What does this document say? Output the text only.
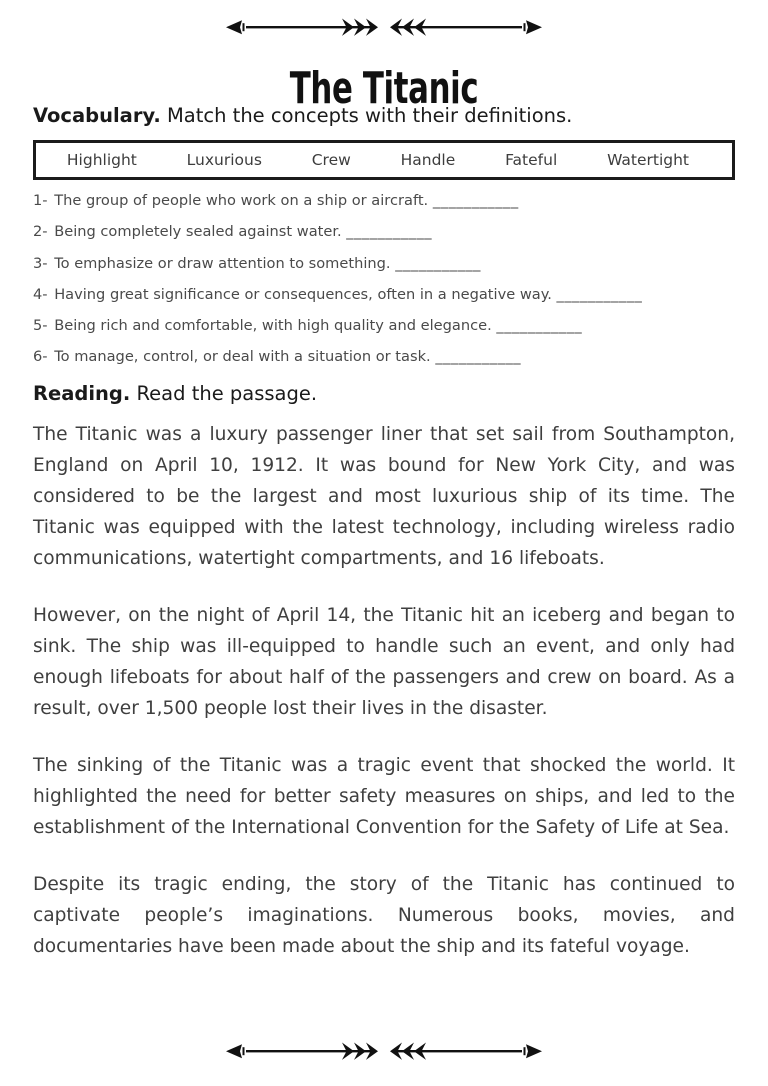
The Titanic

Vocabulary. Match the concepts with their definitions.

Highlight	Luxurious	Crew	Handle	Fateful	Watertight
1- The group of people who work on a ship or aircraft. ___________
2- Being completely sealed against water. ___________
3- To emphasize or draw attention to something. ___________
4- Having great significance or consequences, often in a negative way. ___________
5- Being rich and comfortable, with high quality and elegance. ___________
6- To manage, control, or deal with a situation or task. ___________

Reading. Read the passage.

The Titanic was a luxury passenger liner that set sail from Southampton, England on April 10, 1912. It was bound for New York City, and was considered to be the largest and most luxurious ship of its time. The Titanic was equipped with the latest technology, including wireless radio communications, watertight compartments, and 16 lifeboats.

However, on the night of April 14, the Titanic hit an iceberg and began to sink. The ship was ill-equipped to handle such an event, and only had enough lifeboats for about half of the passengers and crew on board. As a result, over 1,500 people lost their lives in the disaster.

The sinking of the Titanic was a tragic event that shocked the world. It highlighted the need for better safety measures on ships, and led to the establishment of the International Convention for the Safety of Life at Sea.

Despite its tragic ending, the story of the Titanic has continued to captivate people’s imaginations. Numerous books, movies, and documentaries have been made about the ship and its fateful voyage.
